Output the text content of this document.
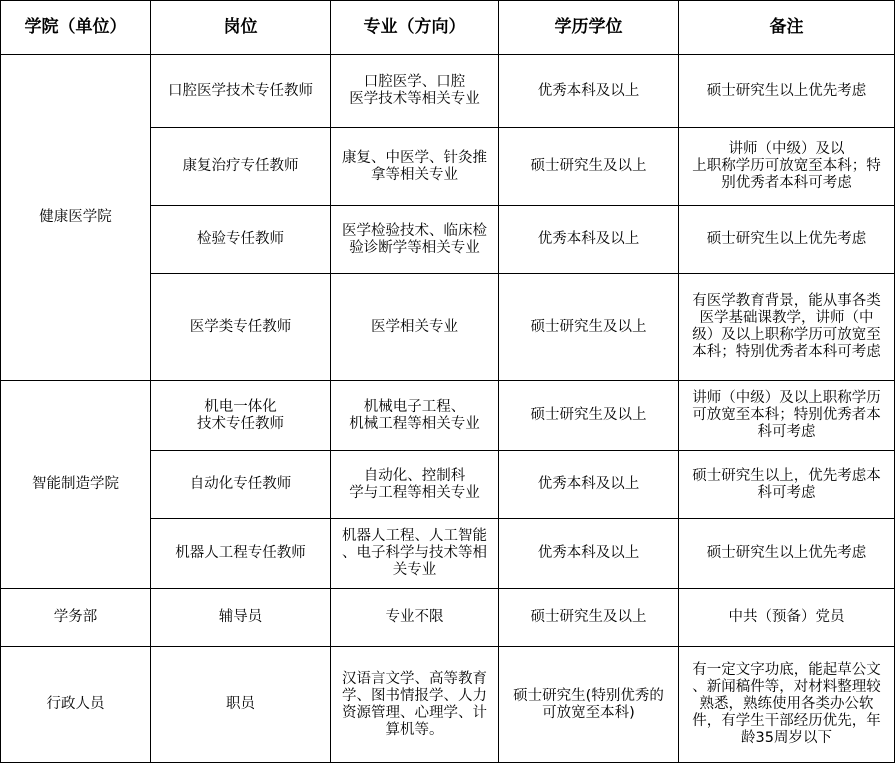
学院（单位）	岗位	专业（方向）	学历学位	备注

健康医学院	口腔医学技术专任教师	口腔医学、口腔
医学技术等相关专业	优秀本科及以上	硕士研究生以上优先考虑

	康复治疗专任教师	康复、中医学、针灸推
拿等相关专业	硕士研究生及以上	讲师（中级）及以
上职称学历可放宽至本科；特
别优秀者本科可考虑

	检验专任教师	医学检验技术、临床检
验诊断学等相关专业	优秀本科及以上	硕士研究生以上优先考虑

	医学类专任教师	医学相关专业	硕士研究生及以上	有医学教育背景，能从事各类
医学基础课教学，讲师（中
级）及以上职称学历可放宽至
本科；特别优秀者本科可考虑

智能制造学院	机电一体化
技术专任教师	机械电子工程、
机械工程等相关专业	硕士研究生及以上	讲师（中级）及以上职称学历
可放宽至本科；特别优秀者本
科可考虑

	自动化专任教师	自动化、控制科
学与工程等相关专业	优秀本科及以上	硕士研究生以上，优先考虑本
科可考虑

	机器人工程专任教师	机器人工程、人工智能
、电子科学与技术等相
关专业	优秀本科及以上	硕士研究生以上优先考虑

学务部	辅导员	专业不限	硕士研究生及以上	中共（预备）党员

行政人员	职员	汉语言文学、高等教育
学、图书情报学、人力
资源管理、心理学、计
算机等。	硕士研究生(特别优秀的
可放宽至本科)	有一定文字功底，能起草公文
、新闻稿件等，对材料整理较
熟悉，熟练使用各类办公软
件，有学生干部经历优先，年
龄35周岁以下
